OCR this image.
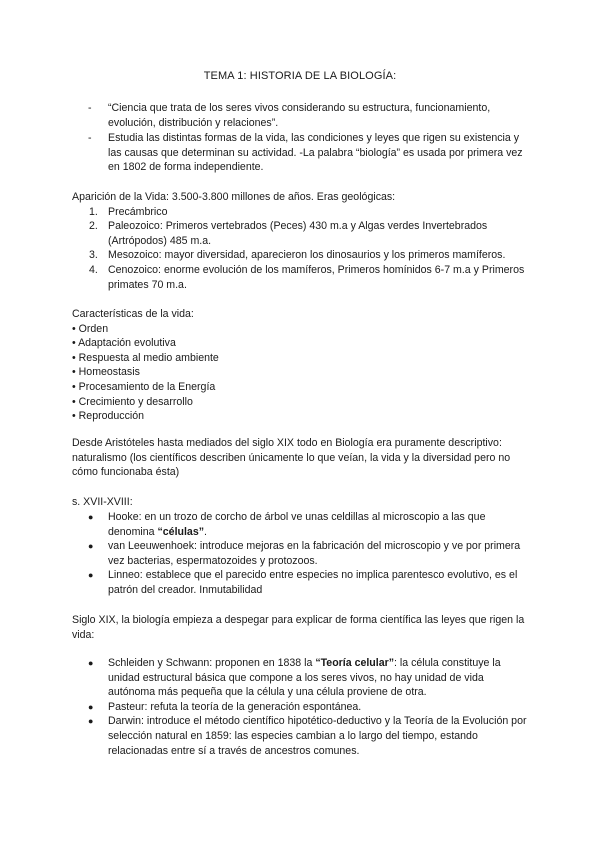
TEMA 1: HISTORIA DE LA BIOLOGÍA:
- “Ciencia que trata de los seres vivos considerando su estructura, funcionamiento, evolución, distribución y relaciones”.
- Estudia las distintas formas de la vida, las condiciones y leyes que rigen su existencia y las causas que determinan su actividad. -La palabra “biología” es usada por primera vez en 1802 de forma independiente.
Aparición de la Vida: 3.500-3.800 millones de años. Eras geológicas:
1. Precámbrico
2. Paleozoico: Primeros vertebrados (Peces) 430 m.a y Algas verdes Invertebrados (Artrópodos) 485 m.a.
3. Mesozoico: mayor diversidad, aparecieron los dinosaurios y los primeros mamíferos.
4. Cenozoico: enorme evolución de los mamíferos, Primeros homínidos 6-7 m.a y Primeros primates 70 m.a.
Características de la vida:
• Orden
• Adaptación evolutiva
• Respuesta al medio ambiente
• Homeostasis
• Procesamiento de la Energía
• Crecimiento y desarrollo
• Reproducción
Desde Aristóteles hasta mediados del siglo XIX todo en Biología era puramente descriptivo: naturalismo (los científicos describen únicamente lo que veían, la vida y la diversidad pero no cómo funcionaba ésta)
s. XVII-XVIII:
● Hooke: en un trozo de corcho de árbol ve unas celdillas al microscopio a las que denomina “células”.
● van Leeuwenhoek: introduce mejoras en la fabricación del microscopio y ve por primera vez bacterias, espermatozoides y protozoos.
● Linneo: establece que el parecido entre especies no implica parentesco evolutivo, es el patrón del creador. Inmutabilidad
Siglo XIX, la biología empieza a despegar para explicar de forma científica las leyes que rigen la vida:
● Schleiden y Schwann: proponen en 1838 la “Teoría celular”: la célula constituye la unidad estructural básica que compone a los seres vivos, no hay unidad de vida autónoma más pequeña que la célula y una célula proviene de otra.
● Pasteur: refuta la teoría de la generación espontánea.
● Darwin: introduce el método científico hipotético-deductivo y la Teoría de la Evolución por selección natural en 1859: las especies cambian a lo largo del tiempo, estando relacionadas entre sí a través de ancestros comunes.
